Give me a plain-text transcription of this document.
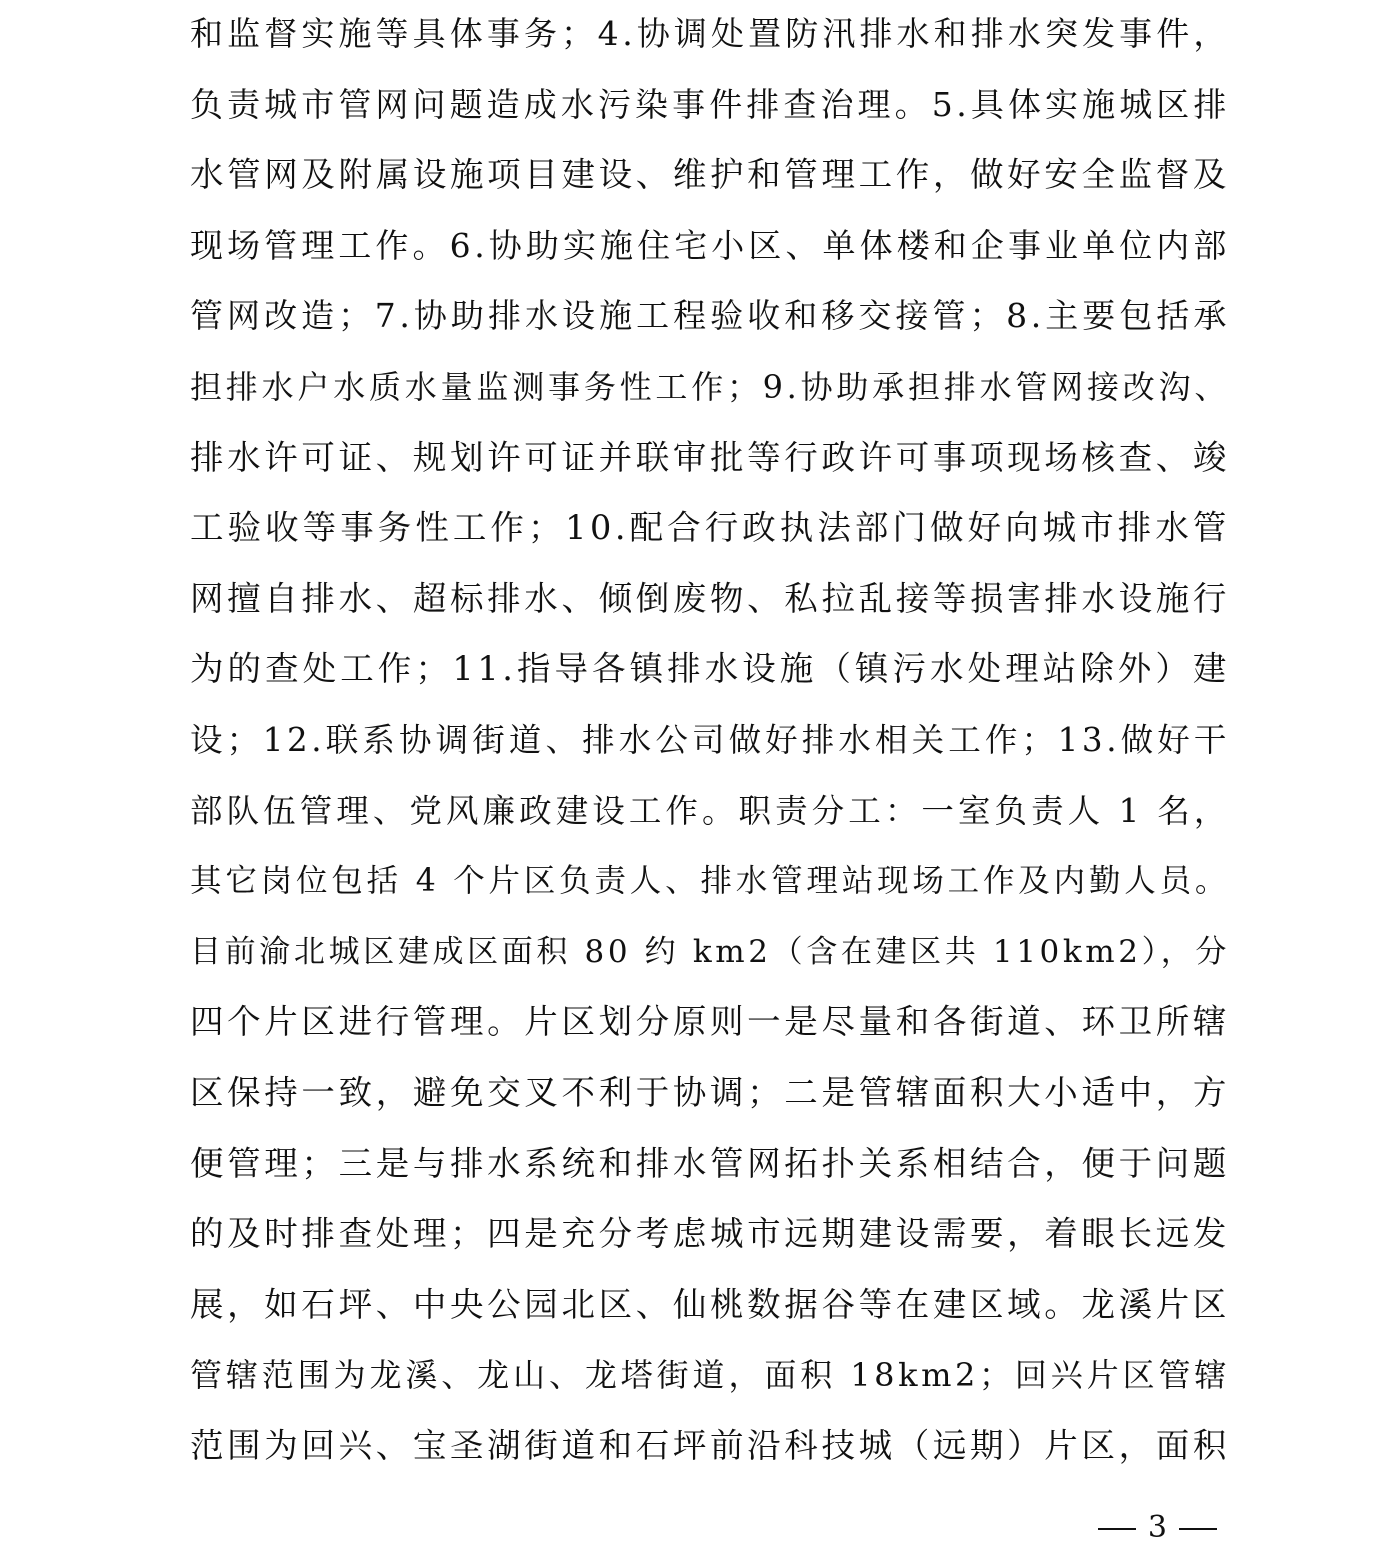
和监督实施等具体事务；4.协调处置防汛排水和排水突发事件，
负责城市管网问题造成水污染事件排查治理。5.具体实施城区排
水管网及附属设施项目建设、维护和管理工作，做好安全监督及
现场管理工作。6.协助实施住宅小区、单体楼和企事业单位内部
管网改造；7.协助排水设施工程验收和移交接管；8.主要包括承
担排水户水质水量监测事务性工作；9.协助承担排水管网接改沟、
排水许可证、规划许可证并联审批等行政许可事项现场核查、竣
工验收等事务性工作；10.配合行政执法部门做好向城市排水管
网擅自排水、超标排水、倾倒废物、私拉乱接等损害排水设施行
为的查处工作；11.指导各镇排水设施（镇污水处理站除外）建
设；12.联系协调街道、排水公司做好排水相关工作；13.做好干
部队伍管理、党风廉政建设工作。职责分工：一室负责人 1 名，
其它岗位包括 4 个片区负责人、排水管理站现场工作及内勤人员。
目前渝北城区建成区面积 80 约 km2（含在建区共 110km2），分
四个片区进行管理。片区划分原则一是尽量和各街道、环卫所辖
区保持一致，避免交叉不利于协调；二是管辖面积大小适中，方
便管理；三是与排水系统和排水管网拓扑关系相结合，便于问题
的及时排查处理；四是充分考虑城市远期建设需要，着眼长远发
展，如石坪、中央公园北区、仙桃数据谷等在建区域。龙溪片区
管辖范围为龙溪、龙山、龙塔街道，面积 18km2；回兴片区管辖
范围为回兴、宝圣湖街道和石坪前沿科技城（远期）片区，面积
3
